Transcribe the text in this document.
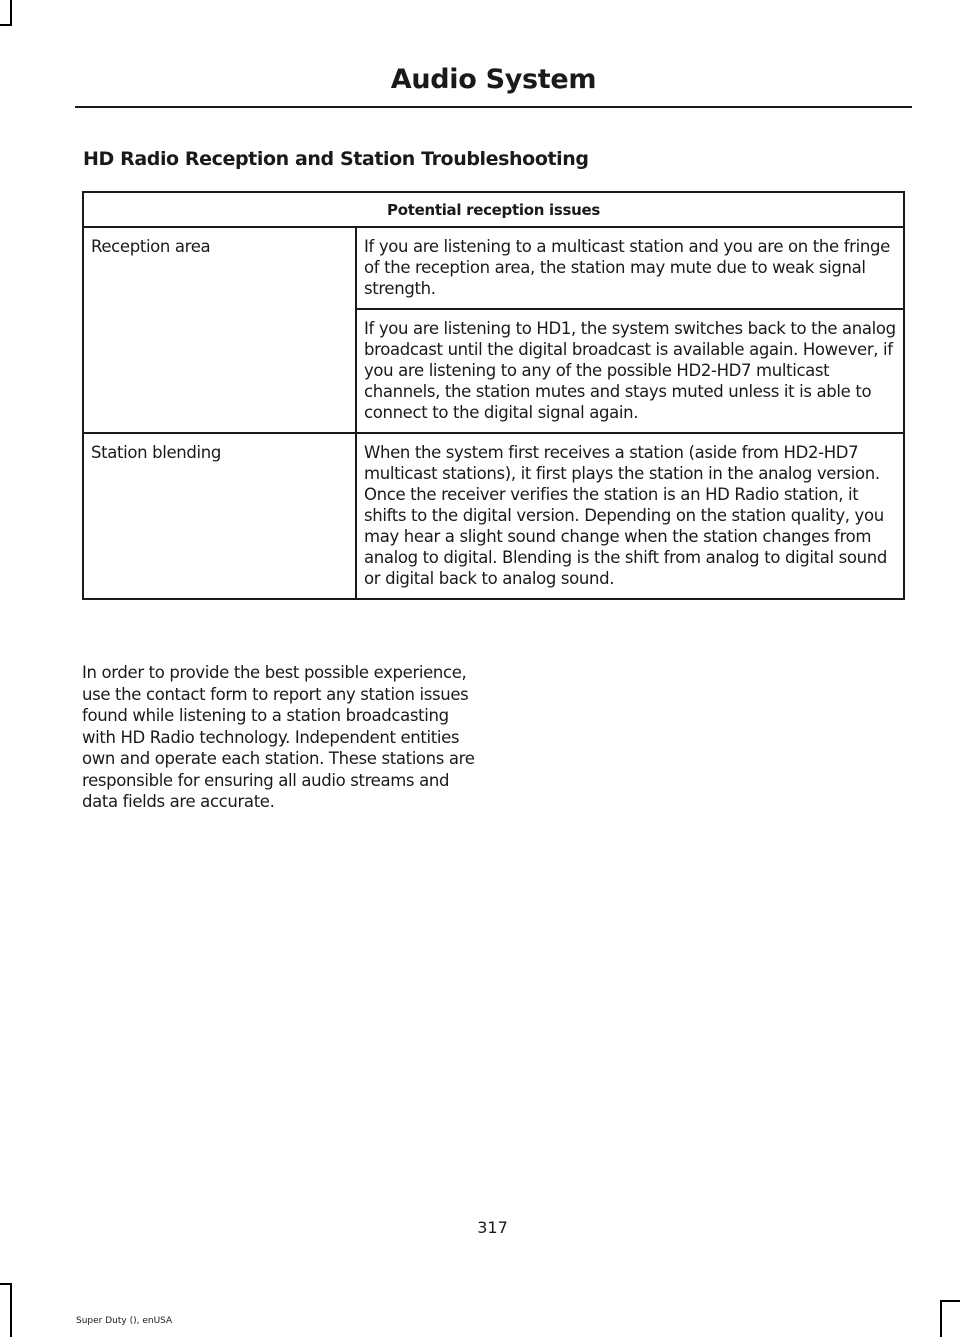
Audio System
HD Radio Reception and Station Troubleshooting
Potential reception issues	
Reception area	If you are listening to a multicast station and you are on the fringe of the reception area, the station may mute due to weak signal strength.
	If you are listening to HD1, the system switches back to the analog broadcast until the digital broadcast is available again. However, if you are listening to any of the possible HD2-HD7 multicast channels, the station mutes and stays muted unless it is able to connect to the digital signal again.
Station blending	When the system first receives a station (aside from HD2-HD7 multicast stations), it first plays the station in the analog version. Once the receiver verifies the station is an HD Radio station, it shifts to the digital version. Depending on the station quality, you may hear a slight sound change when the station changes from analog to digital. Blending is the shift from analog to digital sound or digital back to analog sound.

In order to provide the best possible experience, use the contact form to report any station issues found while listening to a station broadcasting with HD Radio technology. Independent entities own and operate each station. These stations are responsible for ensuring all audio streams and data fields are accurate.

317
Super Duty (), enUSA
